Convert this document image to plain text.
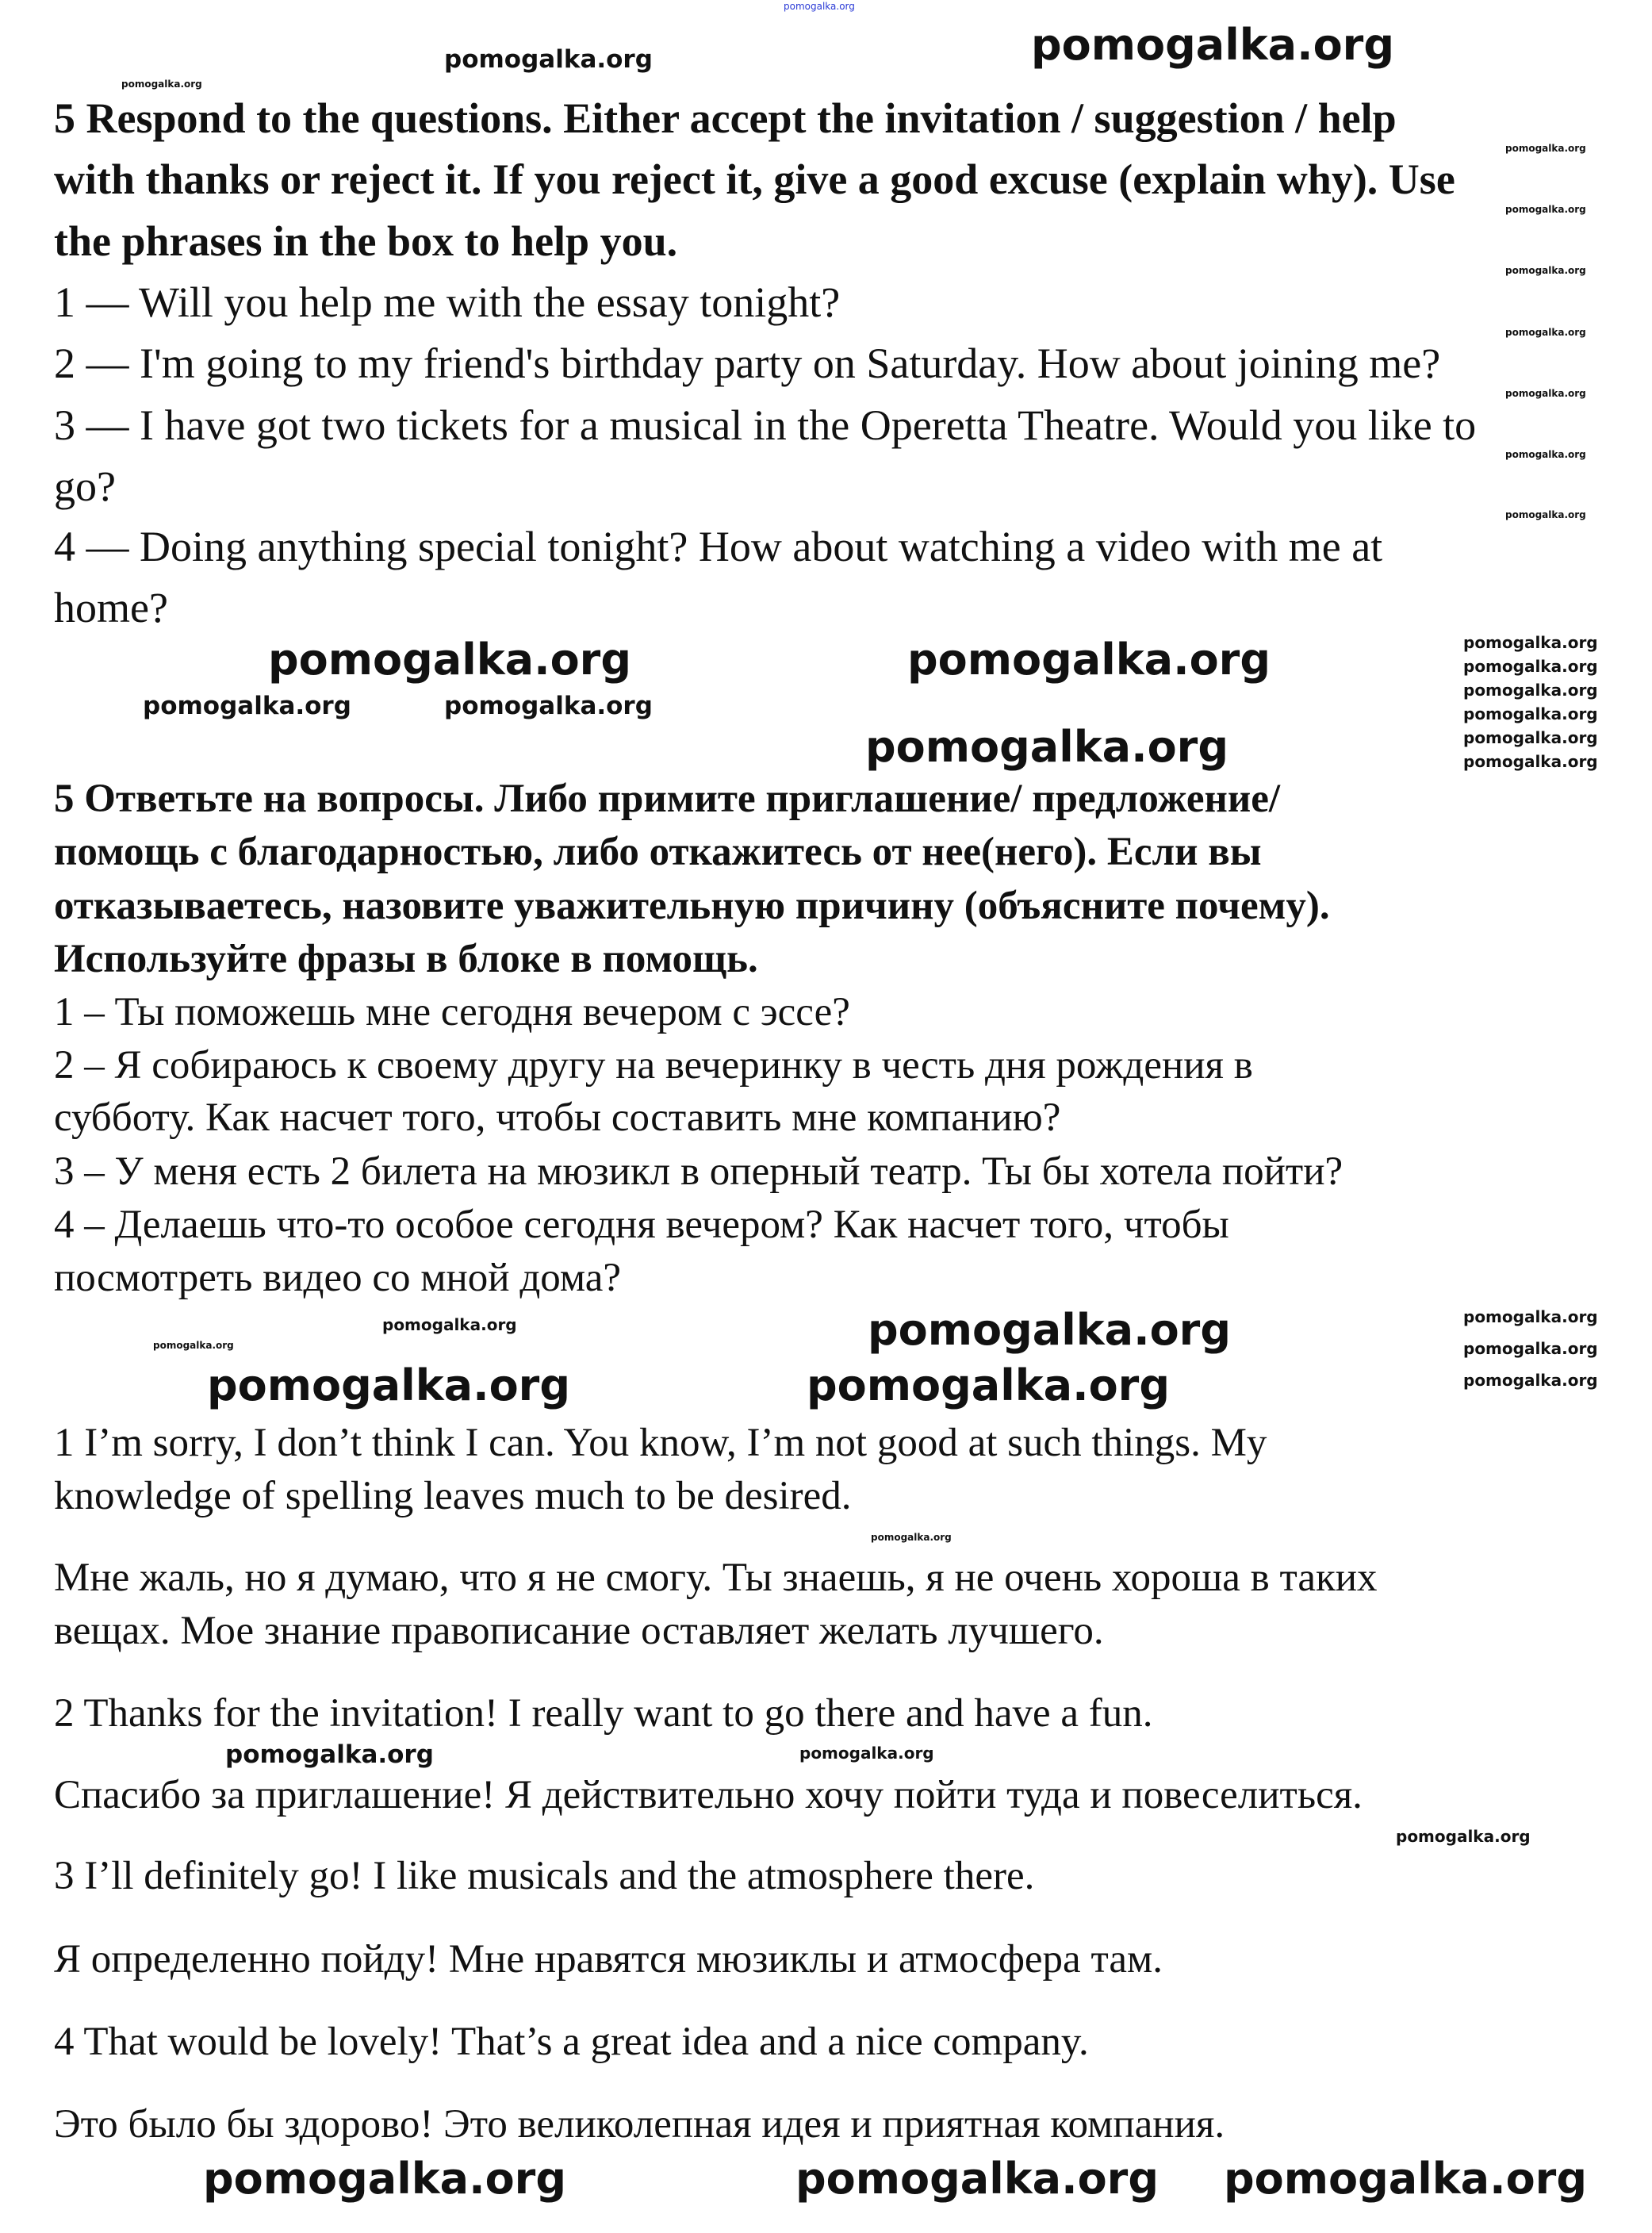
5 Respond to the questions. Either accept the invitation / suggestion / help
with thanks or reject it. If you reject it, give a good excuse (explain why). Use
the phrases in the box to help you.
1 — Will you help me with the essay tonight?
2 — I'm going to my friend's birthday party on Saturday. How about joining me?
3 — I have got two tickets for a musical in the Operetta Theatre. Would you like to
go?
4 — Doing anything special tonight? How about watching a video with me at
home?
5 Ответьте на вопросы. Либо примите приглашение/ предложение/
помощь с благодарностью, либо откажитесь от нее(него). Если вы
отказываетесь, назовите уважительную причину (объясните почему).
Используйте фразы в блоке в помощь.
1 – Ты поможешь мне сегодня вечером с эссе?
2 – Я собираюсь к своему другу на вечеринку в честь дня рождения в
субботу. Как насчет того, чтобы составить мне компанию?
3 – У меня есть 2 билета на мюзикл в оперный театр. Ты бы хотела пойти?
4 – Делаешь что-то особое сегодня вечером? Как насчет того, чтобы
посмотреть видео со мной дома?
1 I’m sorry, I don’t think I can. You know, I’m not good at such things. My
knowledge of spelling leaves much to be desired.
Мне жаль, но я думаю, что я не смогу. Ты знаешь, я не очень хороша в таких
вещах. Мое знание правописание оставляет желать лучшего.
2 Thanks for the invitation! I really want to go there and have a fun.
Спасибо за приглашение! Я действительно хочу пойти туда и повеселиться.
3 I’ll definitely go! I like musicals and the atmosphere there.
Я определенно пойду! Мне нравятся мюзиклы и атмосфера там.
4 That would be lovely! That’s a great idea and a nice company.
Это было бы здорово! Это великолепная идея и приятная компания.
pomogalka.org
pomogalka.org
pomogalka.org	pomogalka.org
pomogalka.org
pomogalka.org
pomogalka.org
pomogalka.org
pomogalka.org
pomogalka.org
pomogalka.org
pomogalka.org	pomogalka.org
pomogalka.org	pomogalka.org
pomogalka.org
pomogalka.org
pomogalka.org
pomogalka.org
pomogalka.org
pomogalka.org
pomogalka.org
pomogalka.org
pomogalka.org
pomogalka.org
pomogalka.org
pomogalka.org
pomogalka.org
pomogalka.org
pomogalka.org
pomogalka.org
pomogalka.org	pomogalka.org
pomogalka.org
pomogalka.org	pomogalka.org pomogalka.org
